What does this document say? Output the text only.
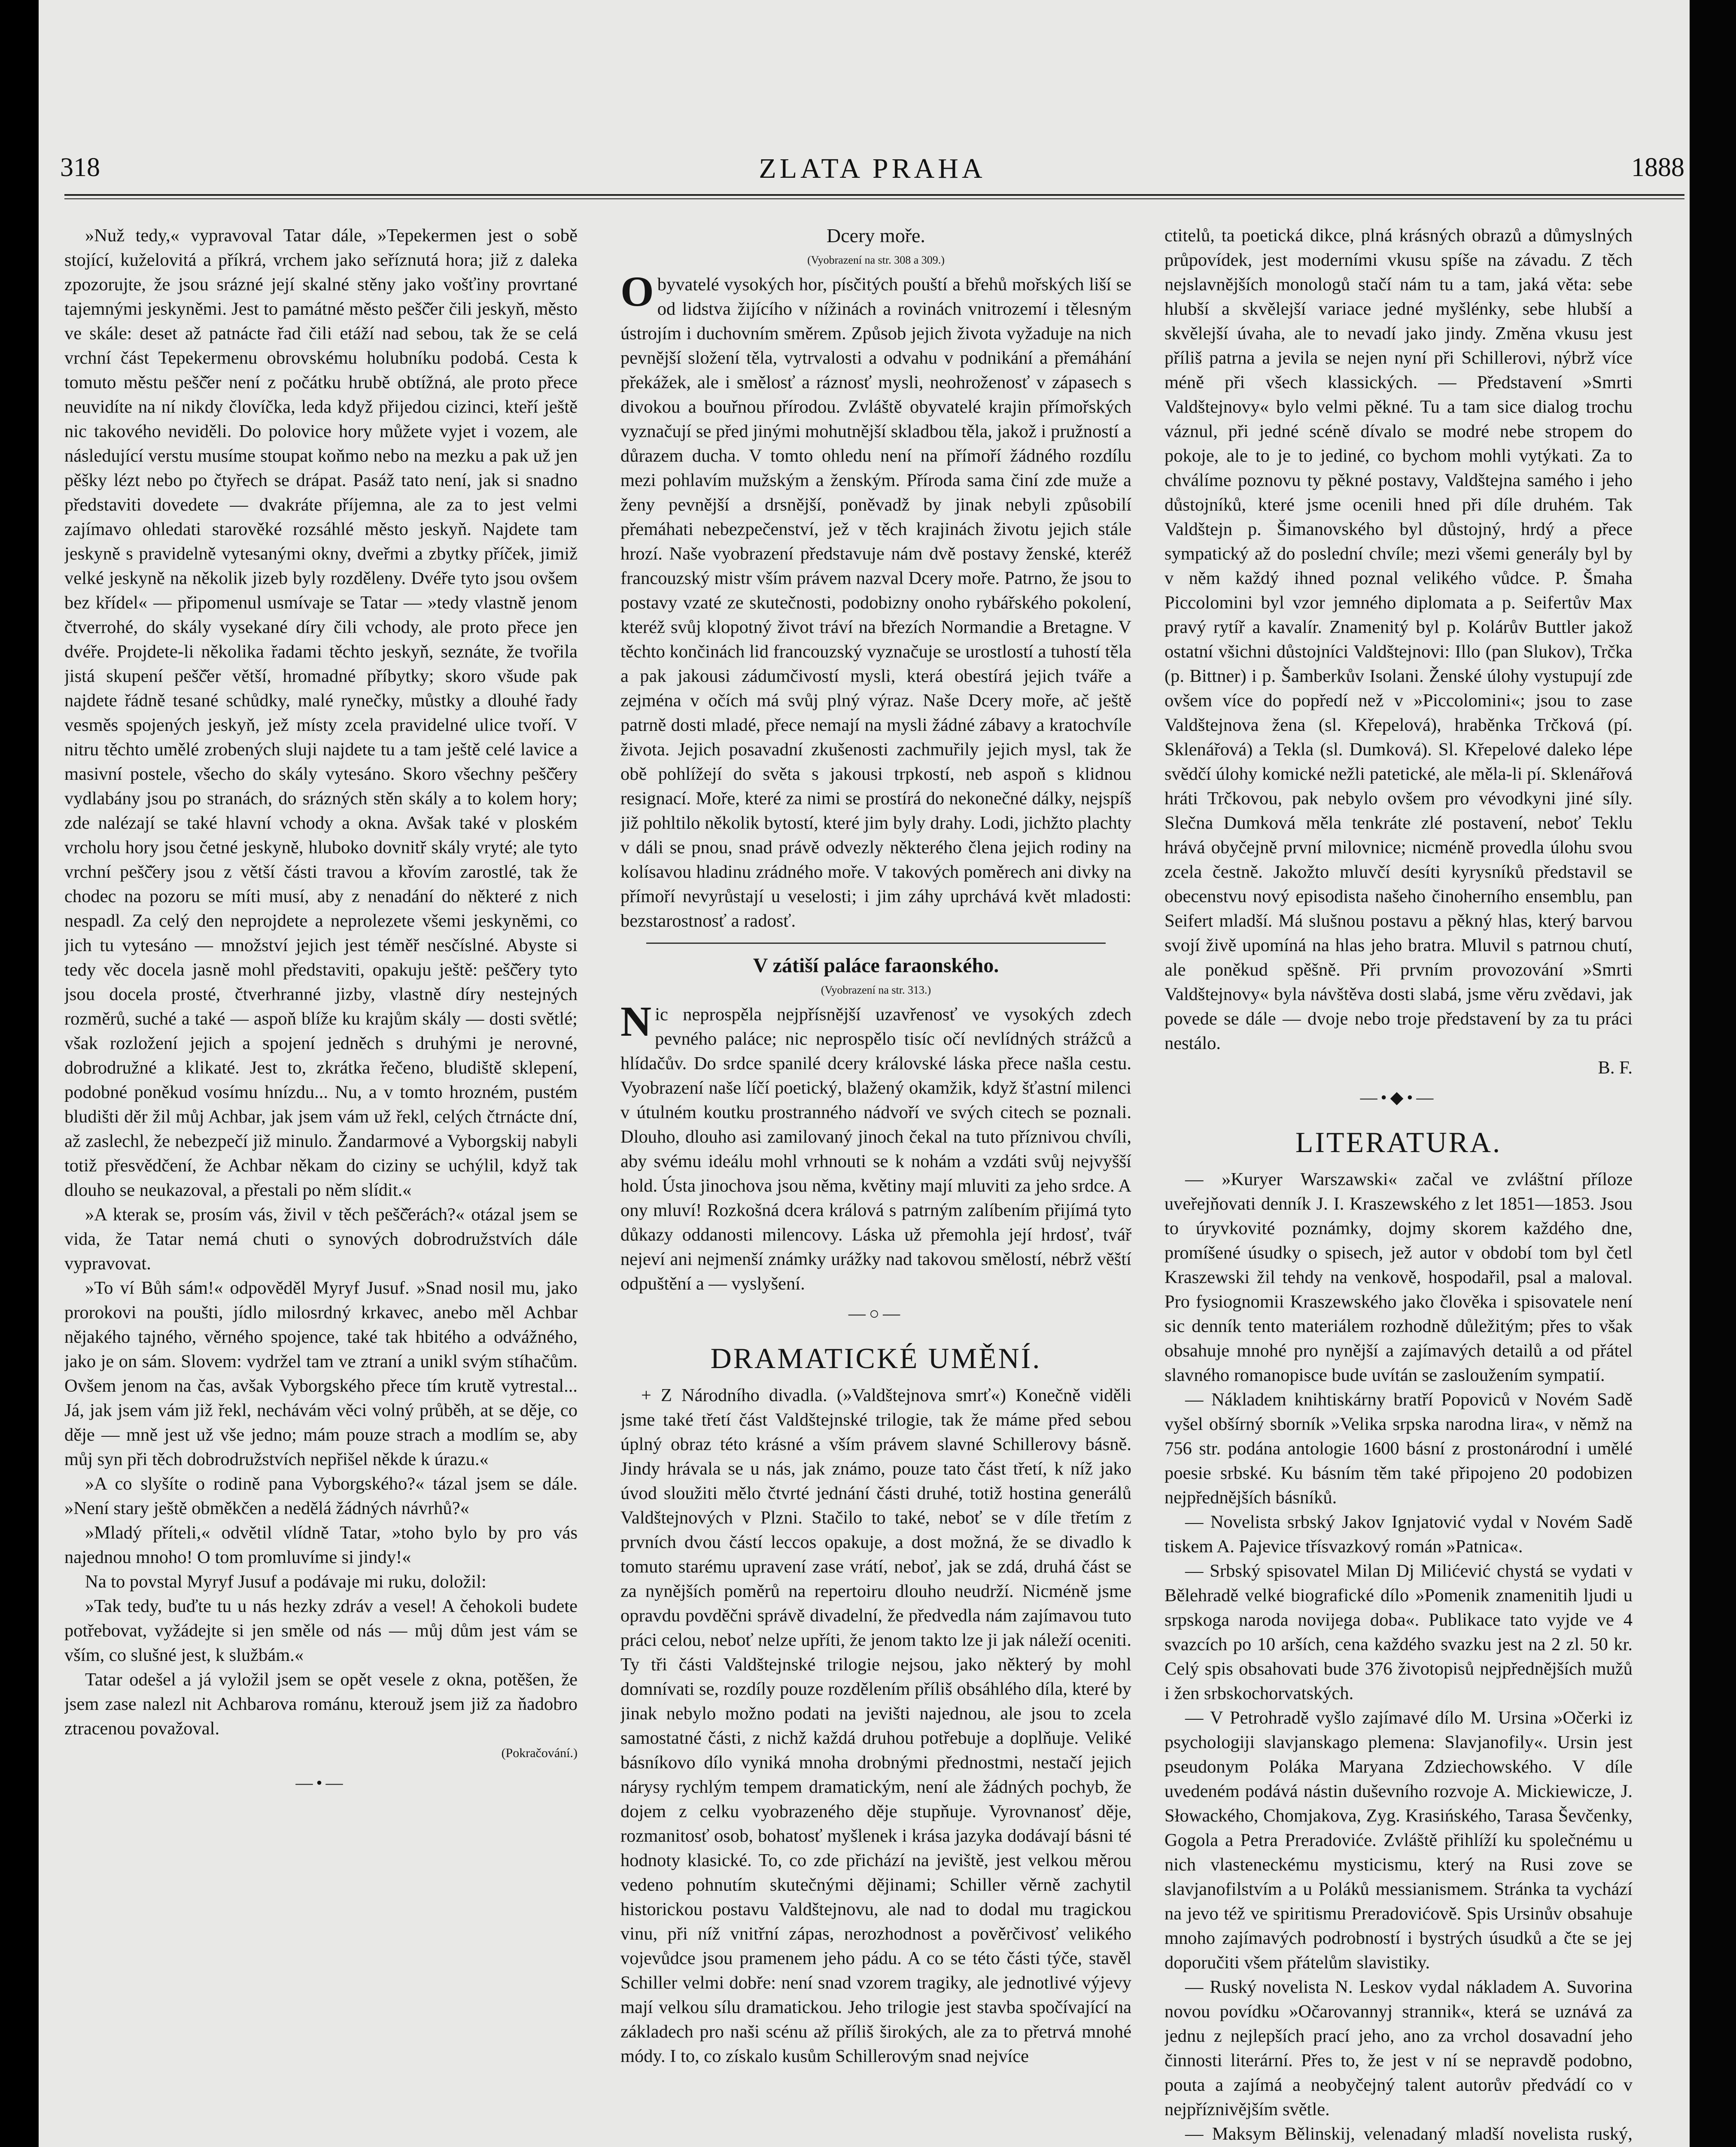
318	ZLATA PRAHA	1888

»Nuž tedy,« vypravoval Tatar dále, »Tepekermen jest o sobě stojící, kuželovitá a příkrá, vrchem jako seříznutá hora; již z daleka zpozorujte, že jsou srázné její skalné stěny jako vošťiny provrtané tajemnými jeskyněmi. Jest to památné město pešč̌er čili jeskyň, město ve skále: deset až patnácte řad čili etáží nad sebou, tak že se celá vrchní část Tepekermenu obrovskému holubníku podobá. Cesta k tomuto městu pešč̌er není z počátku hrubě obtížná, ale proto přece neuvidíte na ní nikdy človíčka, leda když přijedou cizinci, kteří ještě nic takového neviděli. Do polovice hory můžete vyjet i vozem, ale následující verstu musíme stoupat koňmo nebo na mezku a pak už jen pěšky lézt nebo po čtyřech se drápat. Pasáž tato není, jak si snadno představiti dovedete — dvakráte příjemna, ale za to jest velmi zajímavo ohledati starověké rozsáhlé město jeskyň. Najdete tam jeskyně s pravidelně vytesanými okny, dveřmi a zbytky příček, jimiž velké jeskyně na několik jizeb byly rozděleny. Dvéře tyto jsou ovšem bez křídel« — připomenul usmívaje se Tatar — »tedy vlastně jenom čtverrohé, do skály vysekané díry čili vchody, ale proto přece jen dvéře. Projdete-li několika řadami těchto jeskyň, seznáte, že tvořila jistá skupení pešč̌er větší, hromadné příbytky; skoro všude pak najdete řádně tesané schůdky, malé rynečky, můstky a dlouhé řady vesměs spojených jeskyň, jež místy zcela pravidelné ulice tvoří. V nitru těchto umělé zrobených sluji najdete tu a tam ještě celé lavice a masivní postele, všecho do skály vytesáno. Skoro všechny pešč̌ery vydlabány jsou po stranách, do srázných stěn skály a to kolem hory; zde nalézají se také hlavní vchody a okna. Avšak také v ploském vrcholu hory jsou četné jeskyně, hluboko dovnitř skály vryté; ale tyto vrchní pešč̌ery jsou z větší části travou a křovím zarostlé, tak že chodec na pozoru se míti musí, aby z nenadání do některé z nich nespadl. Za celý den neprojdete a neprolezete všemi jeskyněmi, co jich tu vytesáno — množství jejich jest téměř nesčíslné. Abyste si tedy věc docela jasně mohl představiti, opakuju ještě: pešč̌ery tyto jsou docela prosté, čtverhranné jizby, vlastně díry nestejných rozměrů, suché a také — aspoň blíže ku krajům skály — dosti světlé; však rozložení jejich a spojení jedněch s druhými je nerovné, dobrodružné a klikaté. Jest to, zkrátka řečeno, bludiště sklepení, podobné poněkud vosímu hnízdu... Nu, a v tomto hrozném, pustém bludišti děr žil můj Achbar, jak jsem vám už řekl, celých čtrnácte dní, až zaslechl, že nebezpečí již minulo. Žandarmové a Vyborgskij nabyli totiž přesvědčení, že Achbar někam do ciziny se uchýlil, když tak dlouho se neukazoval, a přestali po něm slídit.«

»A kterak se, prosím vás, živil v těch pešč̌erách?« otázal jsem se vida, že Tatar nemá chuti o synových dobrodružstvích dále vypravovat.

»To ví Bůh sám!« odpověděl Myryf Jusuf. »Snad nosil mu, jako prorokovi na poušti, jídlo milosrdný krkavec, anebo měl Achbar nějakého tajného, věrného spojence, také tak hbitého a odvážného, jako je on sám. Slovem: vydržel tam ve ztraní a unikl svým stíhačům. Ovšem jenom na čas, avšak Vyborgského přece tím krutě vytrestal... Já, jak jsem vám již řekl, nechávám věci volný průběh, at se děje, co děje — mně jest už vše jedno; mám pouze strach a modlím se, aby můj syn při těch dobrodružstvích nepřišel někde k úrazu.«

»A co slyšíte o rodině pana Vyborgského?« tázal jsem se dále. »Není stary ještě obměkčen a nedělá žádných návrhů?«

»Mladý příteli,« odvětil vlídně Tatar, »toho bylo by pro vás najednou mnoho! O tom promluvíme si jindy!«

Na to povstal Myryf Jusuf a podávaje mi ruku, doložil:

»Tak tedy, buďte tu u nás hezky zdráv a vesel! A čehokoli budete potřebovat, vyžádejte si jen směle od nás — můj dům jest vám se vším, co slušné jest, k službám.«

Tatar odešel a já vyložil jsem se opět vesele z okna, potěšen, že jsem zase nalezl nit Achbarova románu, kterouž jsem již za ňadobro ztracenou považoval.

(Pokračování.)
—•—

Dcery moře.

(Vyobrazení na str. 308 a 309.)

O byvatelé vysokých hor, písčitých pouští a břehů mořských liší se od lidstva žijícího v nížinách a rovinách vnitrozemí i tělesným ústrojím i duchovním směrem. Způsob jejich života vyžaduje na nich pevnější složení těla, vytrvalosti a odvahu v podnikání a přemáhání překážek, ale i smělosť a ráznosť mysli, neohroženosť v zápasech s divokou a bouřnou přírodou. Zvláště obyvatelé krajin přímořských vyznačují se před jinými mohutnější skladbou těla, jakož i pružností a důrazem ducha. V tomto ohledu není na přímoří žádného rozdílu mezi pohlavím mužským a ženským. Příroda sama činí zde muže a ženy pevnější a drsnější, poněvadž by jinak nebyli způsobilí přemáhati nebezpečenství, jež v těch krajinách životu jejich stále hrozí. Naše vyobrazení představuje nám dvě postavy ženské, kteréž francouzský mistr vším právem nazval Dcery moře. Patrno, že jsou to postavy vzaté ze skutečnosti, podobizny onoho rybářského pokolení, kteréž svůj klopotný život tráví na březích Normandie a Bretagne. V těchto končinách lid francouzský vyznačuje se urostlostí a tuhostí těla a pak jakousi zádumčivostí mysli, která obestírá jejich tváře a zejména v očích má svůj plný výraz. Naše Dcery moře, ač ještě patrně dosti mladé, přece nemají na mysli žádné zábavy a kratochvíle života. Jejich posavadní zkušenosti zachmuřily jejich mysl, tak že obě pohlížejí do světa s jakousi trpkostí, neb aspoň s klidnou resignací. Moře, které za nimi se prostírá do nekonečné dálky, nejspíš již pohltilo několik bytostí, které jim byly drahy. Lodi, jichžto plachty v dáli se pnou, snad právě odvezly některého člena jejich rodiny na kolísavou hladinu zrádného moře. V takových poměrech ani divky na přímoří nevyrůstají u veselosti; i jim záhy uprchává květ mladosti: bezstarostnosť a radosť.

V zátiší paláce faraonského.

(Vyobrazení na str. 313.)

N ic neprospěla nejpřísnější uzavřenosť ve vysokých zdech pevného paláce; nic neprospělo tisíc očí nevlídných strážců a hlídačův. Do srdce spanilé dcery královské láska přece našla cestu. Vyobrazení naše líčí poetický, blažený okamžik, když šťastní milenci v útulném koutku prostranného nádvoří ve svých citech se poznali. Dlouho, dlouho asi zamilovaný jinoch čekal na tuto příznivou chvíli, aby svému ideálu mohl vrhnouti se k nohám a vzdáti svůj nejvyšší hold. Ústa jinochova jsou něma, květiny mají mluviti za jeho srdce. A ony mluví! Rozkošná dcera králová s patrným zalíbením přijímá tyto důkazy oddanosti milencovy. Láska už přemohla její hrdosť, tvář nejeví ani nejmenší známky urážky nad takovou smělostí, nébrž věští odpuštění a — vyslyšení.

—○—
DRAMATICKÉ UMĚNÍ.

+ Z Národního divadla. (»Valdštejnova smrť«) Konečně viděli jsme také třetí část Valdštejnské trilogie, tak že máme před sebou úplný obraz této krásné a vším právem slavné Schillerovy básně. Jindy hrávala se u nás, jak známo, pouze tato část třetí, k níž jako úvod sloužiti mělo čtvrté jednání části druhé, totiž hostina generálů Valdštejnových v Plzni. Stačilo to také, neboť se v díle třetím z prvních dvou částí leccos opakuje, a dost možná, že se divadlo k tomuto starému upravení zase vrátí, neboť, jak se zdá, druhá část se za nynějších poměrů na repertoiru dlouho neudrží. Nicméně jsme opravdu povděčni správě divadelní, že předvedla nám zajímavou tuto práci celou, neboť nelze upříti, že jenom takto lze ji jak náleží oceniti. Ty tři části Valdštejnské trilogie nejsou, jako některý by mohl domnívati se, rozdíly pouze rozdělením příliš obsáhlého díla, které by jinak nebylo možno podati na jevišti najednou, ale jsou to zcela samostatné části, z nichž každá druhou potřebuje a doplňuje. Veliké básníkovo dílo vyniká mnoha drobnými přednostmi, nestačí jejich nárysy rychlým tempem dramatickým, není ale žádných pochyb, že dojem z celku vyobrazeného děje stupňuje. Vyrovnanosť děje, rozmanitosť osob, bohatosť myšlenek i krása jazyka dodávají básni té hodnoty klasické. To, co zde přichází na jeviště, jest velkou měrou vedeno pohnutím skutečnými dějinami; Schiller věrně zachytil historickou postavu Valdštejnovu, ale nad to dodal mu tragickou vinu, při níž vnitřní zápas, nerozhodnost a pověrčivosť velikého vojevůdce jsou pramenem jeho pádu. A co se této části týče, stavěl Schiller velmi dobře: není snad vzorem tragiky, ale jednotlivé výjevy mají velkou sílu dramatickou. Jeho trilogie jest stavba spočívající na základech pro naši scénu až příliš širokých, ale za to přetrvá mnohé módy. I to, co získalo kusům Schillerovým snad nejvíce

ctitelů, ta poetická dikce, plná krásných obrazů a důmyslných průpovídek, jest moderními vkusu spíše na závadu. Z těch nejslavnějších monologů stačí nám tu a tam, jaká věta: sebe hlubší a skvělejší variace jedné myšlénky, sebe hlubší a skvělejší úvaha, ale to nevadí jako jindy. Změna vkusu jest příliš patrna a jevila se nejen nyní při Schillerovi, nýbrž více méně při všech klassických. — Představení »Smrti Valdštejnovy« bylo velmi pěkné. Tu a tam sice dialog trochu váznul, při jedné scéně dívalo se modré nebe stropem do pokoje, ale to je to jediné, co bychom mohli vytýkati. Za to chválíme poznovu ty pěkné postavy, Valdštejna samého i jeho důstojníků, které jsme ocenili hned při díle druhém. Tak Valdštejn p. Šimanovského byl důstojný, hrdý a přece sympatický až do poslední chvíle; mezi všemi generály byl by v něm každý ihned poznal velikého vůdce. P. Šmaha Piccolomini byl vzor jemného diplomata a p. Seifertův Max pravý rytíř a kavalír. Znamenitý byl p. Kolárův Buttler jakož ostatní všichni důstojníci Valdštejnovi: Illo (pan Slukov), Trčka (p. Bittner) i p. Šamberkův Isolani. Ženské úlohy vystupují zde ovšem více do popředí než v »Piccolomini«; jsou to zase Valdštejnova žena (sl. Křepelová), hraběnka Trčková (pí. Sklenářová) a Tekla (sl. Dumková). Sl. Křepelové daleko lépe svědčí úlohy komické nežli patetické, ale měla-li pí. Sklenářová hráti Trčkovou, pak nebylo ovšem pro vévodkyni jiné síly. Slečna Dumková měla tenkráte zlé postavení, neboť Teklu hrává obyčejně první milovnice; nicméně provedla úlohu svou zcela čestně. Jakožto mluvčí desíti kyrysníků představil se obecenstvu nový episodista našeho činoherního ensemblu, pan Seifert mladší. Má slušnou postavu a pěkný hlas, který barvou svojí živě upomíná na hlas jeho bratra. Mluvil s patrnou chutí, ale poněkud spěšně. Při prvním provozování »Smrti Valdštejnovy« byla návštěva dosti slabá, jsme věru zvědavi, jak povede se dále — dvoje nebo troje představení by za tu práci nestálo.

B. F.
—•◆•—
LITERATURA.

— »Kuryer Warszawski« začal ve zvláštní příloze uveřejňovati denník J. I. Kraszewského z let 1851—1853. Jsou to úryvkovité poznámky, dojmy skorem každého dne, promíšené úsudky o spisech, jež autor v období tom byl četl Kraszewski žil tehdy na venkově, hospodařil, psal a maloval. Pro fysiognomii Kraszewského jako člověka i spisovatele není sic denník tento materiálem rozhodně důležitým; přes to však obsahuje mnohé pro nynější a zajímavých detailů a od přátel slavného romanopisce bude uvítán se zasloužením sympatií.

— Nákladem knihtiskárny bratří Popoviců v Novém Sadě vyšel obšírný sborník »Velika srpska narodna lira«, v němž na 756 str. podána antologie 1600 básní z prostonárodní i umělé poesie srbské. Ku básním těm také připojeno 20 podobizen nejpřednějších básníků.

— Novelista srbský Jakov Ignjatović vydal v Novém Sadě tiskem A. Pajevice třísvazkový román »Patnica«.

— Srbský spisovatel Milan Dj Milićević chystá se vydati v Bělehradě velké biografické dílo »Pomenik znamenitih ljudi u srpskoga naroda novijega doba«. Publikace tato vyjde ve 4 svazcích po 10 arších, cena každého svazku jest na 2 zl. 50 kr. Celý spis obsahovati bude 376 životopisů nejpřednějších mužů i žen srbskochorvatských.

— V Petrohradě vyšlo zajímavé dílo M. Ursina »Očerki iz psychologiji slavjanskago plemena: Slavjanofily«. Ursin jest pseudonym Poláka Maryana Zdziechowského. V díle uvedeném podává nástin duševního rozvoje A. Mickiewicze, J. Słowackého, Chomjakova, Zyg. Krasińského, Tarasa Ševčenky, Gogola a Petra Preradoviće. Zvláště přihlíží ku společnému u nich vlasteneckému mysticismu, který na Rusi zove se slavjanofilstvím a u Poláků messianismem. Stránka ta vychází na jevo též ve spiritismu Preradovićově. Spis Ursinův obsahuje mnoho zajímavých podrobností i bystrých úsudků a čte se jej doporučiti všem přátelům slavistiky.

— Ruský novelista N. Leskov vydal nákladem A. Suvorina novou povídku »Očarovannyj strannik«, která se uznává za jednu z nejlepších prací jeho, ano za vrchol dosavadní jeho činnosti literární. Přes to, že jest v ní se nepravdě podobno, pouta a zajímá a neobyčejný talent autorův předvádí co v nejpříznivějším světle.

— Maksym Bělinskij, velenadaný mladší novelista ruský,
